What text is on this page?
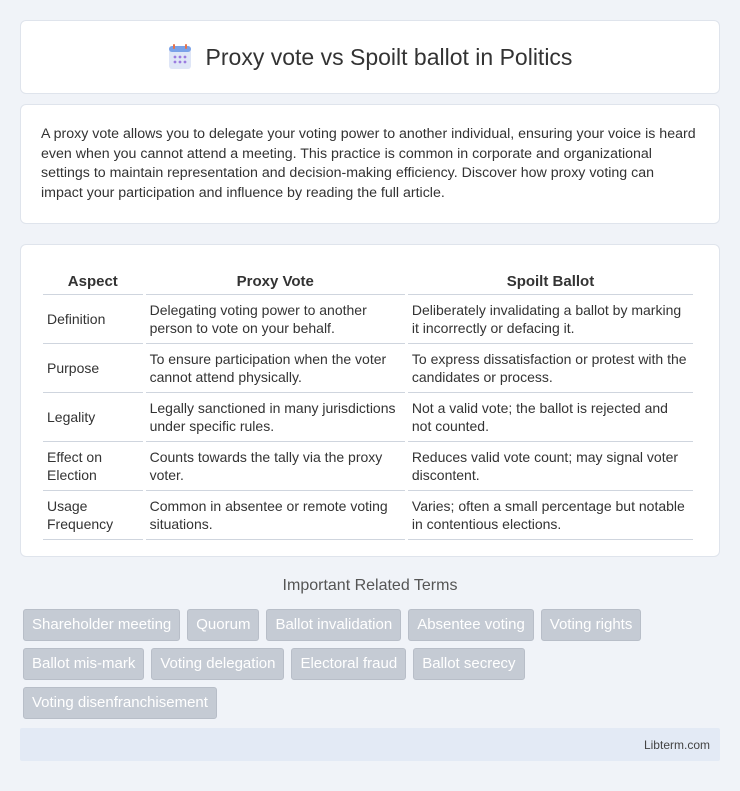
Proxy vote vs Spoilt ballot in Politics

A proxy vote allows you to delegate your voting power to another individual, ensuring your voice is heard even when you cannot attend a meeting. This practice is common in corporate and organizational settings to maintain representation and decision-making efficiency. Discover how proxy voting can impact your participation and influence by reading the full article.

Aspect	Proxy Vote	Spoilt Ballot
Definition	Delegating voting power to another person to vote on your behalf.	Deliberately invalidating a ballot by marking it incorrectly or defacing it.
Purpose	To ensure participation when the voter cannot attend physically.	To express dissatisfaction or protest with the candidates or process.
Legality	Legally sanctioned in many jurisdictions under specific rules.	Not a valid vote; the ballot is rejected and not counted.
Effect on Election	Counts towards the tally via the proxy voter.	Reduces valid vote count; may signal voter discontent.
Usage Frequency	Common in absentee or remote voting situations.	Varies; often a small percentage but notable in contentious elections.
Important Related Terms
Shareholder meeting	Quorum	Ballot invalidation	Absentee voting	Voting rights
Ballot mis-mark	Voting delegation	Electoral fraud	Ballot secrecy
Voting disenfranchisement
Libterm.com
